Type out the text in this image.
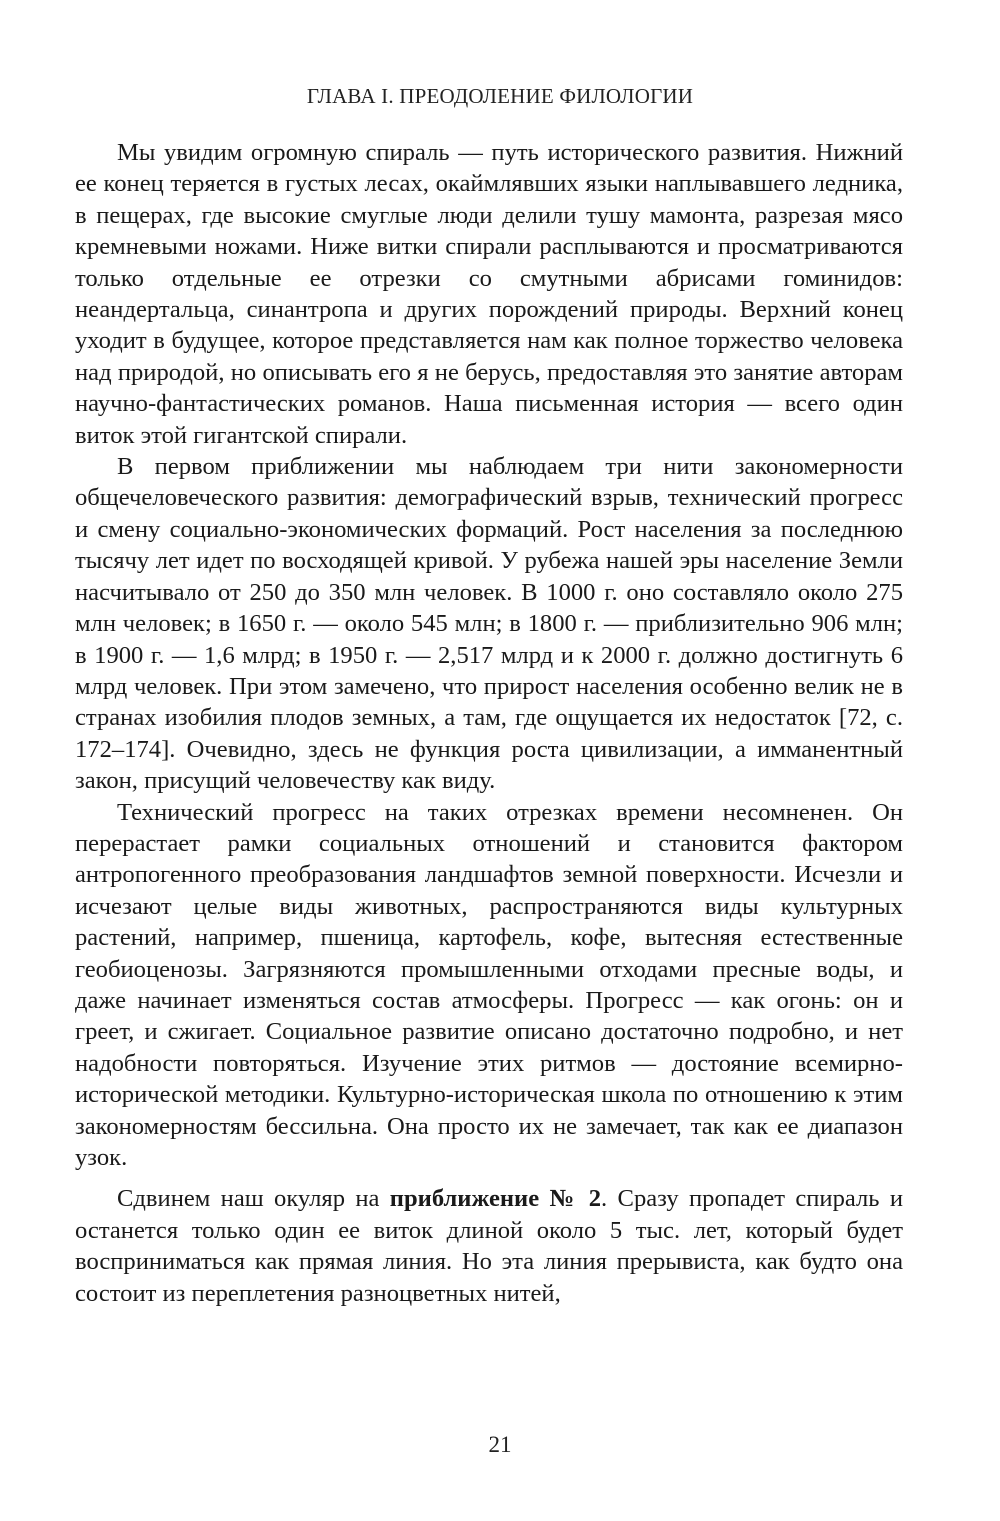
ГЛАВА I. ПРЕОДОЛЕНИЕ ФИЛОЛОГИИ

Мы увидим огромную спираль — путь исторического развития. Нижний ее конец теряется в густых лесах, окаймлявших языки наплывавшего ледника, в пещерах, где высокие смуглые люди делили тушу мамонта, разрезая мясо кремневыми ножами. Ниже витки спирали расплываются и просматриваются только отдельные ее отрезки со смутными абрисами гоминидов: неандертальца, синантропа и других порождений природы. Верхний конец уходит в будущее, которое представляется нам как полное торжество человека над природой, но описывать его я не берусь, предоставляя это занятие авторам научно-фантастических романов. Наша письменная история — всего один виток этой гигантской спирали.

В первом приближении мы наблюдаем три нити закономерности общечеловеческого развития: демографический взрыв, технический прогресс и смену социально-экономических формаций. Рост населения за последнюю тысячу лет идет по восходящей кривой. У рубежа нашей эры население Земли насчитывало от 250 до 350 млн человек. В 1000 г. оно составляло около 275 млн человек; в 1650 г. — около 545 млн; в 1800 г. — приблизительно 906 млн; в 1900 г. — 1,6 млрд; в 1950 г. — 2,517 млрд и к 2000 г. должно достигнуть 6 млрд человек. При этом замечено, что прирост населения особенно велик не в странах изобилия плодов земных, а там, где ощущается их недостаток [72, с. 172–174]. Очевидно, здесь не функция роста цивилизации, а имманентный закон, присущий человечеству как виду.

Технический прогресс на таких отрезках времени несомненен. Он перерастает рамки социальных отношений и становится фактором антропогенного преобразования ландшафтов земной поверхности. Исчезли и исчезают целые виды животных, распространяются виды культурных растений, например, пшеница, картофель, кофе, вытесняя естественные геобиоценозы. Загрязняются промышленными отходами пресные воды, и даже начинает изменяться состав атмосферы. Прогресс — как огонь: он и греет, и сжигает. Социальное развитие описано достаточно подробно, и нет надобности повторяться. Изучение этих ритмов — достояние всемирно-исторической методики. Культурно-историческая школа по отношению к этим закономерностям бессильна. Она просто их не замечает, так как ее диапазон узок.

Сдвинем наш окуляр на приближение № 2. Сразу пропадет спираль и останется только один ее виток длиной около 5 тыс. лет, который будет восприниматься как прямая линия. Но эта линия прерывиста, как будто она состоит из переплетения разноцветных нитей,

21
